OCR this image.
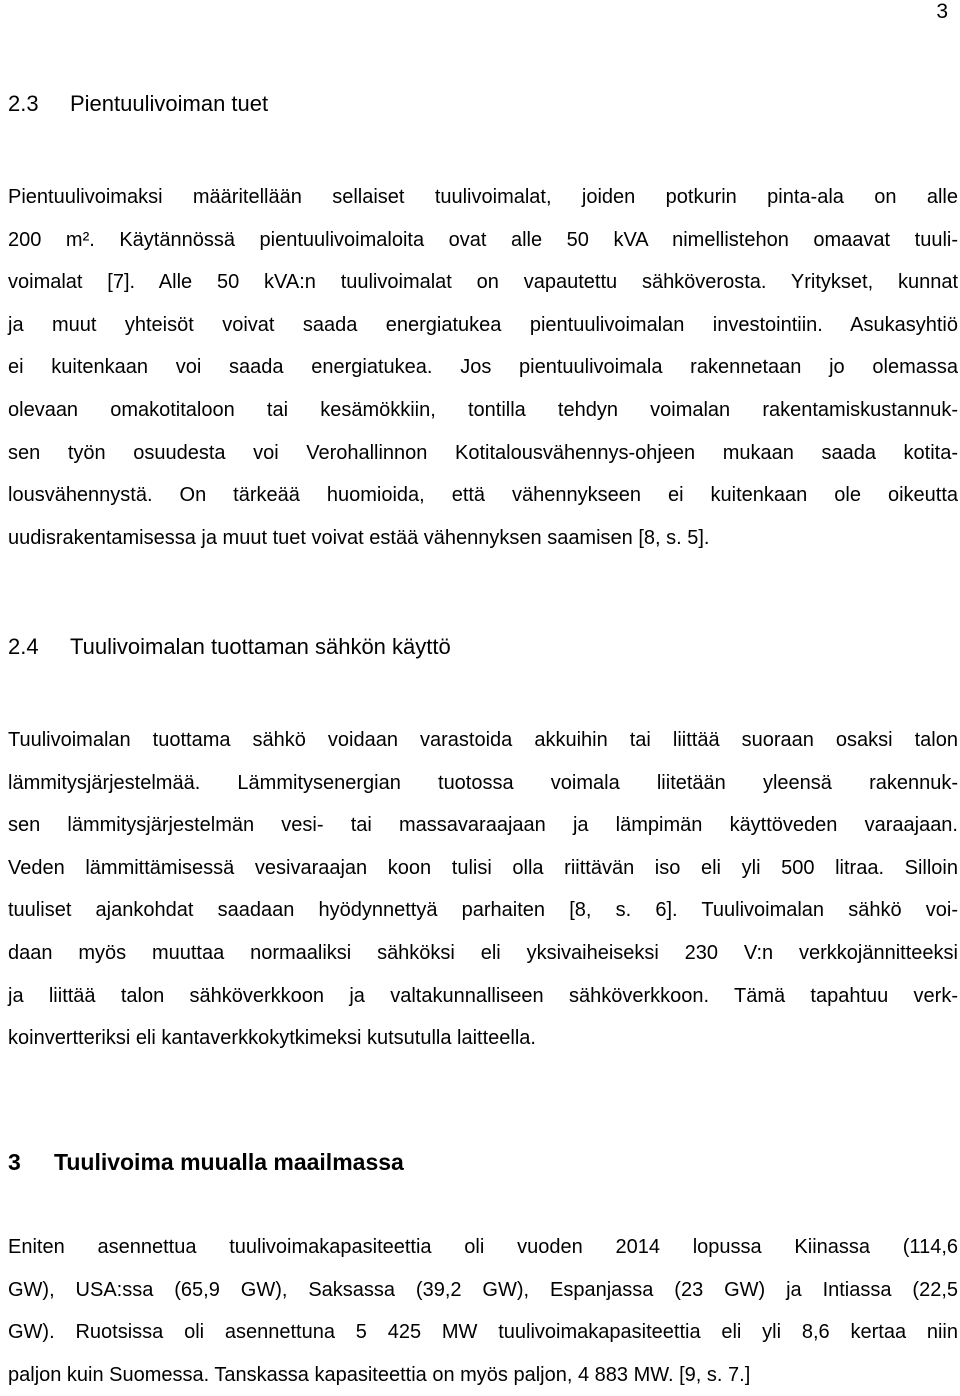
3
2.3 Pientuulivoiman tuet
Pientuulivoimaksi määritellään sellaiset tuulivoimalat, joiden potkurin pinta-ala on alle
200 m². Käytännössä pientuulivoimaloita ovat alle 50 kVA nimellistehon omaavat tuuli-
voimalat [7]. Alle 50 kVA:n tuulivoimalat on vapautettu sähköverosta. Yritykset, kunnat
ja muut yhteisöt voivat saada energiatukea pientuulivoimalan investointiin. Asukasyhtiö
ei kuitenkaan voi saada energiatukea. Jos pientuulivoimala rakennetaan jo olemassa
olevaan omakotitaloon tai kesämökkiin, tontilla tehdyn voimalan rakentamiskustannuk-
sen työn osuudesta voi Verohallinnon Kotitalousvähennys-ohjeen mukaan saada kotita-
lousvähennystä. On tärkeää huomioida, että vähennykseen ei kuitenkaan ole oikeutta
uudisrakentamisessa ja muut tuet voivat estää vähennyksen saamisen [8, s. 5].
2.4 Tuulivoimalan tuottaman sähkön käyttö
Tuulivoimalan tuottama sähkö voidaan varastoida akkuihin tai liittää suoraan osaksi talon
lämmitysjärjestelmää. Lämmitysenergian tuotossa voimala liitetään yleensä rakennuk-
sen lämmitysjärjestelmän vesi- tai massavaraajaan ja lämpimän käyttöveden varaajaan.
Veden lämmittämisessä vesivaraajan koon tulisi olla riittävän iso eli yli 500 litraa. Silloin
tuuliset ajankohdat saadaan hyödynnettyä parhaiten [8, s. 6]. Tuulivoimalan sähkö voi-
daan myös muuttaa normaaliksi sähköksi eli yksivaiheiseksi 230 V:n verkkojännitteeksi
ja liittää talon sähköverkkoon ja valtakunnalliseen sähköverkkoon. Tämä tapahtuu verk-
koinvertteriksi eli kantaverkkokytkimeksi kutsutulla laitteella.
3 Tuulivoima muualla maailmassa
Eniten asennettua tuulivoimakapasiteettia oli vuoden 2014 lopussa Kiinassa (114,6
GW), USA:ssa (65,9 GW), Saksassa (39,2 GW), Espanjassa (23 GW) ja Intiassa (22,5
GW). Ruotsissa oli asennettuna 5 425 MW tuulivoimakapasiteettia eli yli 8,6 kertaa niin
paljon kuin Suomessa. Tanskassa kapasiteettia on myös paljon, 4 883 MW. [9, s. 7.]
